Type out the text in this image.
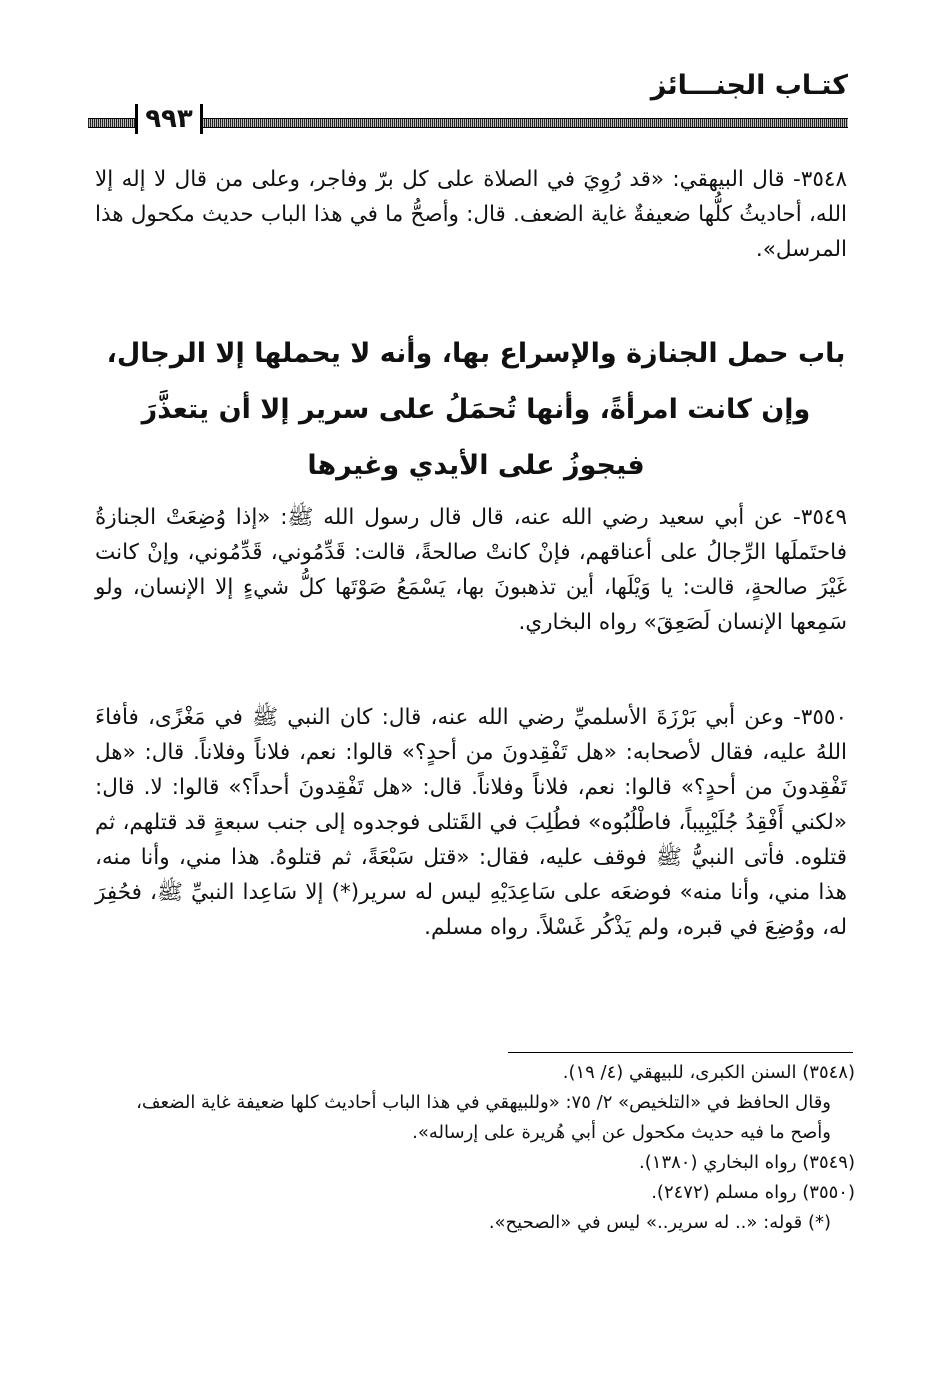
كتـاب الجنـــائز
٩٩٣
٣٥٤٨- قال البيهقي: «قد رُوِيَ في الصلاة على كل برّ وفاجر، وعلى من قال لا إله إلا الله، أحاديثُ كلُّها ضعيفةٌ غاية الضعف. قال: وأصحُّ ما في هذا الباب حديث مكحول هذا المرسل».
باب حمل الجنازة والإسراع بها، وأنه لا يحملها إلا الرجال،
وإن كانت امرأةً، وأنها تُحمَلُ على سرير إلا أن يتعذَّرَ
فيجوزُ على الأيدي وغيرها
٣٥٤٩- عن أبي سعيد رضي الله عنه، قال قال رسول الله ﷺ: «إذا وُضِعَتْ الجنازةُ فاحتَملَها الرِّجالُ على أعناقهم، فإنْ كانتْ صالحةً، قالت: قَدِّمُوني، قَدِّمُوني، وإنْ كانت غَيْرَ صالحةٍ، قالت: يا وَيْلَها، أين تذهبونَ بها، يَسْمَعُ صَوْتَها كلُّ شيءٍ إلا الإنسان، ولو سَمِعها الإنسان لَصَعِقَ» رواه البخاري.
٣٥٥٠- وعن أبي بَرْزَةَ الأسلميِّ رضي الله عنه، قال: كان النبي ﷺ في مَغْزًى، فأفاءَ اللهُ عليه، فقال لأصحابه: «هل تَفْقِدونَ من أحدٍ؟» قالوا: نعم، فلاناً وفلاناً. قال: «هل تَفْقِدونَ من أحدٍ؟» قالوا: نعم، فلاناً وفلاناً. قال: «هل تَفْقِدونَ أحداً؟» قالوا: لا. قال: «لكني أَفْقِدُ جُلَيْبِيباً، فاطْلُبُوه» فطُلِبَ في القَتلى فوجدوه إلى جنب سبعةٍ قد قتلهم، ثم قتلوه. فأتى النبيُّ ﷺ فوقف عليه، فقال: «قتل سَبْعَةً، ثم قتلوهُ. هذا مني، وأنا منه، هذا مني، وأنا منه» فوضعَه على سَاعِدَيْهِ ليس له سرير(*) إلا سَاعِدا النبيِّ ﷺ، فحُفِرَ له، ووُضِعَ في قبره، ولم يَذْكُر غَسْلاً. رواه مسلم.
(٣٥٤٨) السنن الكبرى، للبيهقي (٤/ ١٩).
وقال الحافظ في «التلخيص» ٢/ ٧٥: «وللبيهقي في هذا الباب أحاديث كلها ضعيفة غاية الضعف، وأصح ما فيه حديث مكحول عن أبي هُريرة على إرساله».
(٣٥٤٩) رواه البخاري (١٣٨٠).
(٣٥٥٠) رواه مسلم (٢٤٧٢).
(*) قوله: «.. له سرير..» ليس في «الصحيح».
